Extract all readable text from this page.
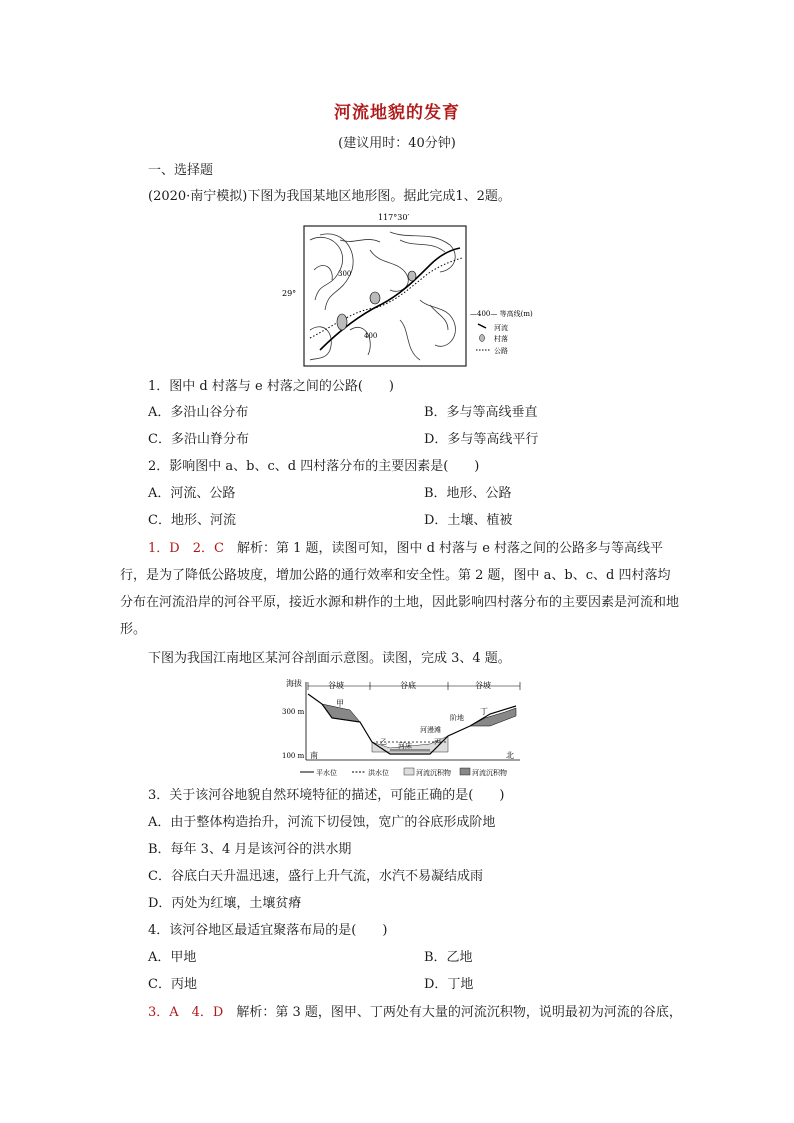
河流地貌的发育
(建议用时：40分钟)
一、选择题
(2020·南宁模拟)下图为我国某地区地形图。据此完成1、2题。
117°30′
29°
300
400
—400— 等高线(m)
河流
村落
公路
1．图中 d 村落与 e 村落之间的公路(　　)
A．多沿山谷分布	B．多与等高线垂直
C．多沿山脊分布	D．多与等高线平行
2．影响图中 a、b、c、d 四村落分布的主要因素是(　　)
A．河流、公路	B．地形、公路
C．地形、河流	D．土壤、植被
1．D　2．C　 解析：第 1 题，读图可知，图中 d 村落与 e 村落之间的公路多与等高线平行，是为了降低公路坡度，增加公路的通行效率和安全性。第 2 题，图中 a、b、c、d 四村落均分布在河流沿岸的河谷平原，接近水源和耕作的土地，因此影响四村落分布的主要因素是河流和地形。
下图为我国江南地区某河谷剖面示意图。读图，完成 3、4 题。
海拔
300 m
100 m
谷坡	谷底	谷坡
甲
乙 河床
河漫滩
丙
阶地
丁
南	北
平水位	洪水位	河流沉积物	河流沉积物
3．关于该河谷地貌自然环境特征的描述，可能正确的是(　　)
A．由于整体构造抬升，河流下切侵蚀，宽广的谷底形成阶地
B．每年 3、4 月是该河谷的洪水期
C．谷底白天升温迅速，盛行上升气流，水汽不易凝结成雨
D．丙处为红壤，土壤贫瘠
4．该河谷地区最适宜聚落布局的是(　　)
A．甲地	B．乙地
C．丙地	D．丁地
3．A　4．D　 解析：第 3 题，图甲、丁两处有大量的河流沉积物，说明最初为河流的谷底，
